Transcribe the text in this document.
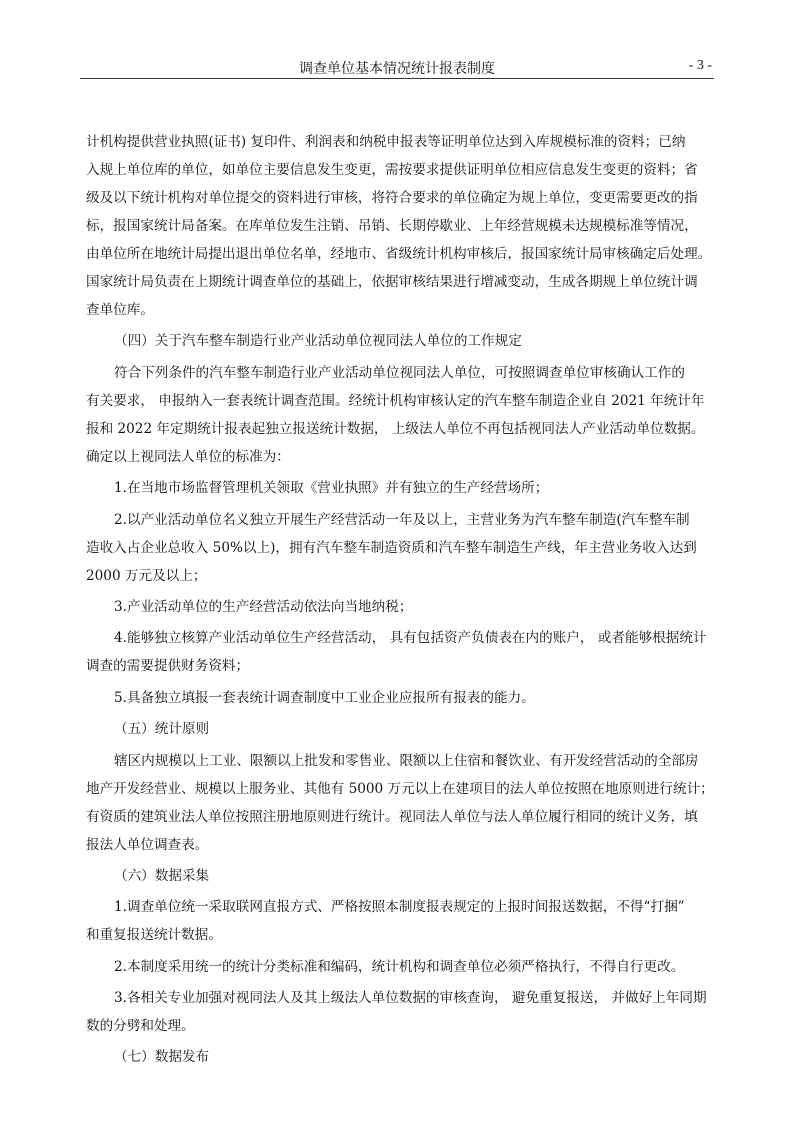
调查单位基本情况统计报表制度	- 3 -
计机构提供营业执照(证书) 复印件、利润表和纳税申报表等证明单位达到入库规模标准的资料；已纳
入规上单位库的单位，如单位主要信息发生变更，需按要求提供证明单位相应信息发生变更的资料；省
级及以下统计机构对单位提交的资料进行审核，将符合要求的单位确定为规上单位，变更需要更改的指
标，报国家统计局备案。在库单位发生注销、吊销、长期停歇业、上年经营规模未达规模标准等情况，
由单位所在地统计局提出退出单位名单，经地市、省级统计机构审核后，报国家统计局审核确定后处理。
国家统计局负责在上期统计调查单位的基础上，依据审核结果进行增减变动，生成各期规上单位统计调
查单位库。
（四）关于汽车整车制造行业产业活动单位视同法人单位的工作规定
符合下列条件的汽车整车制造行业产业活动单位视同法人单位，可按照调查单位审核确认工作的
有关要求， 申报纳入一套表统计调查范围。经统计机构审核认定的汽车整车制造企业自 2021 年统计年
报和 2022 年定期统计报表起独立报送统计数据， 上级法人单位不再包括视同法人产业活动单位数据。
确定以上视同法人单位的标准为：
1.在当地市场监督管理机关领取《营业执照》并有独立的生产经营场所；
2.以产业活动单位名义独立开展生产经营活动一年及以上，主营业务为汽车整车制造(汽车整车制
造收入占企业总收入 50%以上)，拥有汽车整车制造资质和汽车整车制造生产线，年主营业务收入达到
2000 万元及以上；
3.产业活动单位的生产经营活动依法向当地纳税；
4.能够独立核算产业活动单位生产经营活动， 具有包括资产负债表在内的账户， 或者能够根据统计
调查的需要提供财务资料；
5.具备独立填报一套表统计调查制度中工业企业应报所有报表的能力。
（五）统计原则
辖区内规模以上工业、限额以上批发和零售业、限额以上住宿和餐饮业、有开发经营活动的全部房
地产开发经营业、规模以上服务业、其他有 5000 万元以上在建项目的法人单位按照在地原则进行统计；
有资质的建筑业法人单位按照注册地原则进行统计。视同法人单位与法人单位履行相同的统计义务，填
报法人单位调查表。
（六）数据采集
1.调查单位统一采取联网直报方式、严格按照本制度报表规定的上报时间报送数据，不得“打捆”
和重复报送统计数据。
2.本制度采用统一的统计分类标准和编码，统计机构和调查单位必须严格执行，不得自行更改。
3.各相关专业加强对视同法人及其上级法人单位数据的审核查询， 避免重复报送， 并做好上年同期
数的分劈和处理。
（七）数据发布
